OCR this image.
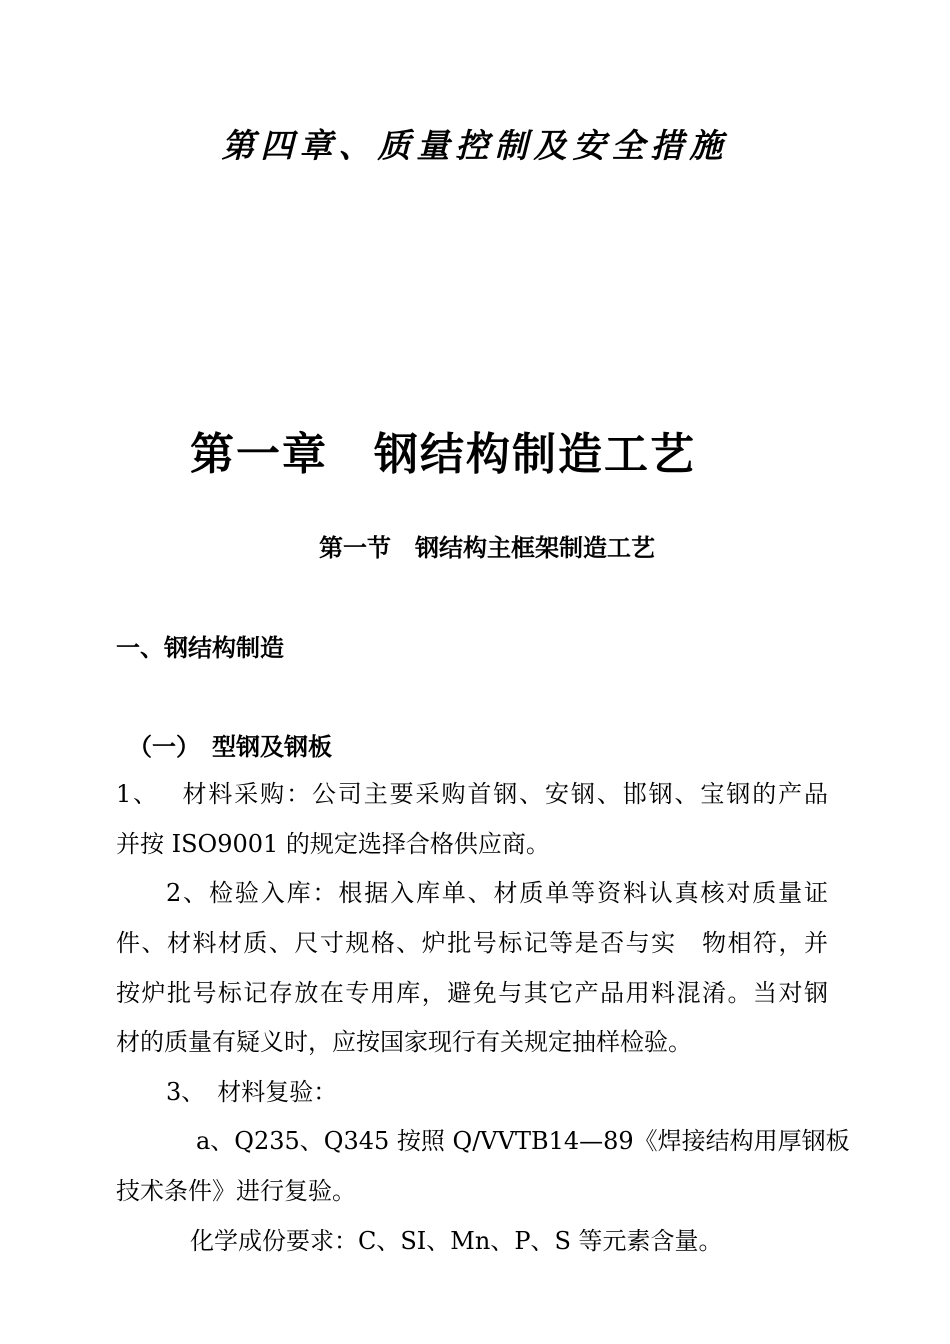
第四章、质量控制及安全措施
第一章　钢结构制造工艺
第一节　钢结构主框架制造工艺
一、钢结构制造
（一）　型钢及钢板
1、　 材料采购：公司主要采购首钢、安钢、邯钢、宝钢的产品
并按 ISO9001 的规定选择合格供应商。
2、检验入库：根据入库单、材质单等资料认真核对质量证
件、材料材质、尺寸规格、炉批号标记等是否与实　物相符，并
按炉批号标记存放在专用库，避免与其它产品用料混淆。当对钢
材的质量有疑义时，应按国家现行有关规定抽样检验。
3、　材料复验：
a、Q235、Q345 按照 Q/VVTB14—89《焊接结构用厚钢板
技术条件》进行复验。
化学成份要求：C、SI、Mn、P、S 等元素含量。
